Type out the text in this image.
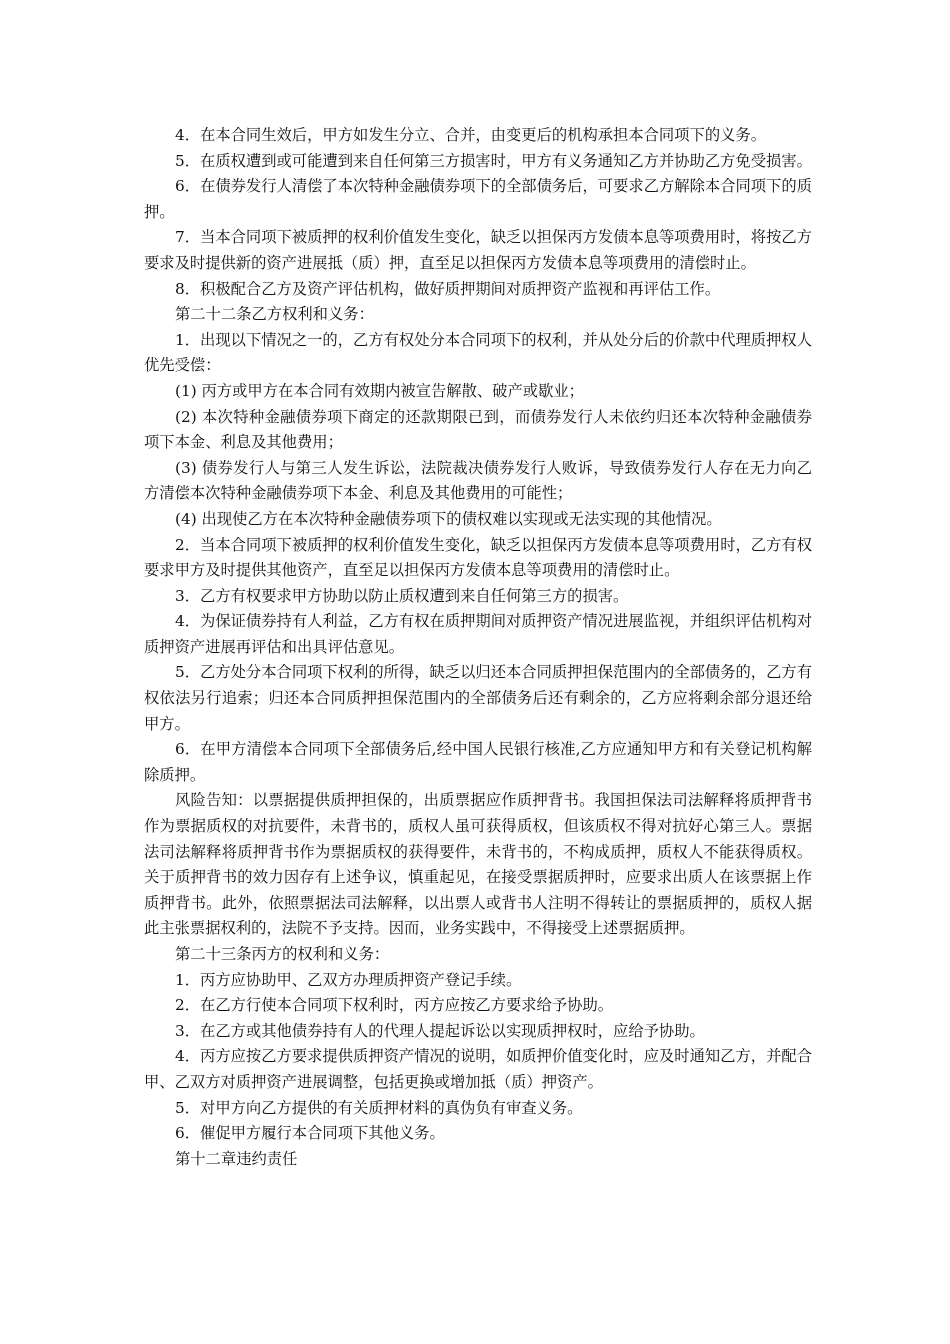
4．在本合同生效后，甲方如发生分立、合并，由变更后的机构承担本合同项下的义务。

5．在质权遭到或可能遭到来自任何第三方损害时，甲方有义务通知乙方并协助乙方免受损害。

6．在债券发行人清偿了本次特种金融债券项下的全部债务后，可要求乙方解除本合同项下的质押。

7．当本合同项下被质押的权利价值发生变化，缺乏以担保丙方发债本息等项费用时，将按乙方要求及时提供新的资产进展抵（质）押，直至足以担保丙方发债本息等项费用的清偿时止。

8．积极配合乙方及资产评估机构，做好质押期间对质押资产监视和再评估工作。

第二十二条乙方权利和义务：

1．出现以下情况之一的，乙方有权处分本合同项下的权利，并从处分后的价款中代理质押权人优先受偿：

(1) 丙方或甲方在本合同有效期内被宣告解散、破产或歇业；

(2) 本次特种金融债券项下商定的还款期限已到，而债券发行人未依约归还本次特种金融债券项下本金、利息及其他费用；

(3) 债券发行人与第三人发生诉讼，法院裁决债券发行人败诉，导致债券发行人存在无力向乙方清偿本次特种金融债券项下本金、利息及其他费用的可能性；

(4) 出现使乙方在本次特种金融债券项下的债权难以实现或无法实现的其他情况。

2．当本合同项下被质押的权利价值发生变化，缺乏以担保丙方发债本息等项费用时，乙方有权要求甲方及时提供其他资产，直至足以担保丙方发债本息等项费用的清偿时止。

3．乙方有权要求甲方协助以防止质权遭到来自任何第三方的损害。

4．为保证债券持有人利益，乙方有权在质押期间对质押资产情况进展监视，并组织评估机构对质押资产进展再评估和出具评估意见。

5．乙方处分本合同项下权利的所得，缺乏以归还本合同质押担保范围内的全部债务的，乙方有权依法另行追索；归还本合同质押担保范围内的全部债务后还有剩余的，乙方应将剩余部分退还给甲方。

6．在甲方清偿本合同项下全部债务后,经中国人民银行核准,乙方应通知甲方和有关登记机构解除质押。

风险告知：以票据提供质押担保的，出质票据应作质押背书。我国担保法司法解释将质押背书作为票据质权的对抗要件，未背书的，质权人虽可获得质权，但该质权不得对抗好心第三人。票据法司法解释将质押背书作为票据质权的获得要件，未背书的，不构成质押，质权人不能获得质权。关于质押背书的效力因存有上述争议，慎重起见，在接受票据质押时，应要求出质人在该票据上作质押背书。此外，依照票据法司法解释，以出票人或背书人注明不得转让的票据质押的，质权人据此主张票据权利的，法院不予支持。因而，业务实践中，不得接受上述票据质押。

第二十三条丙方的权利和义务：

1．丙方应协助甲、乙双方办理质押资产登记手续。

2．在乙方行使本合同项下权利时，丙方应按乙方要求给予协助。

3．在乙方或其他债券持有人的代理人提起诉讼以实现质押权时，应给予协助。

4．丙方应按乙方要求提供质押资产情况的说明，如质押价值变化时，应及时通知乙方，并配合甲、乙双方对质押资产进展调整，包括更换或增加抵（质）押资产。

5．对甲方向乙方提供的有关质押材料的真伪负有审查义务。

6．催促甲方履行本合同项下其他义务。

第十二章违约责任
